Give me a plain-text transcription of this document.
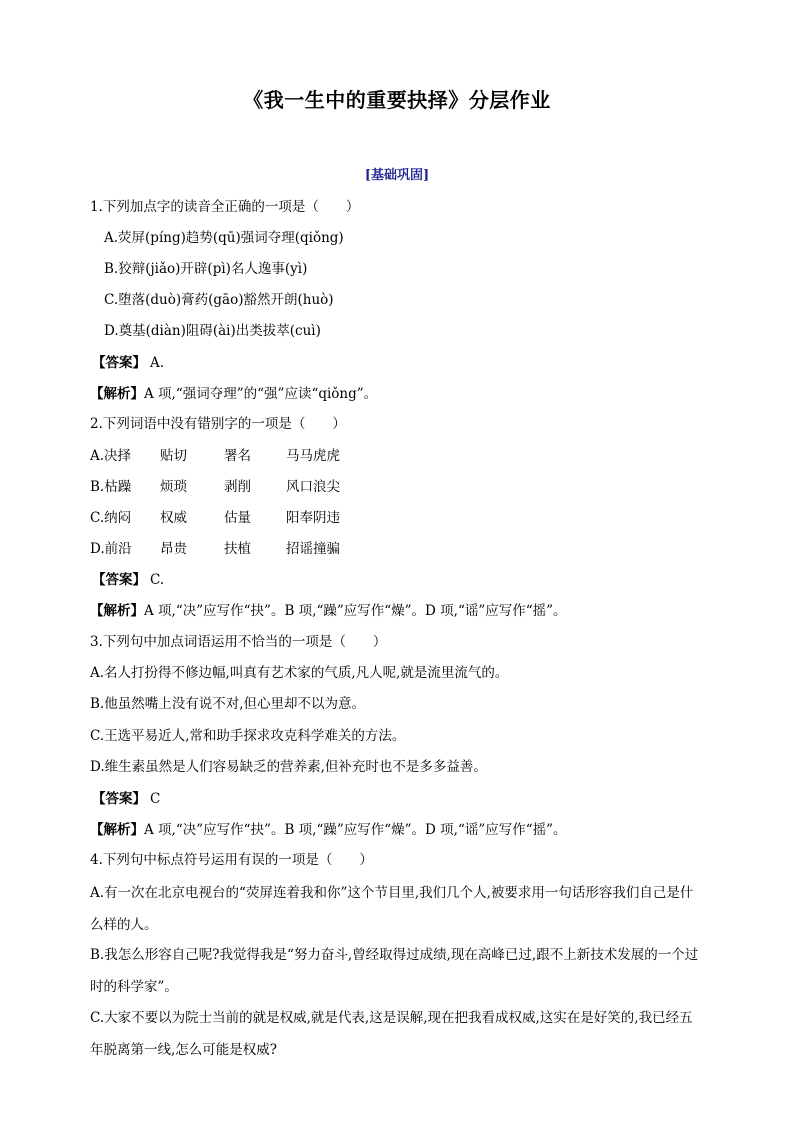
《我一生中的重要抉择》分层作业
[基础巩固]
1.下列加点字的读音全正确的一项是（　　）
A.荧屏(píng)趋势(qū)强词夺理(qiǒng)
B.狡辩(jiǎo)开辟(pì)名人逸事(yì)
C.堕落(duò)膏药(gāo)豁然开朗(huò)
D.奠基(diàn)阻碍(ài)出类拔萃(cuì)
【答案】 A.
【解析】A 项,“强词夺理”的“强”应读“qiǒng”。
2.下列词语中没有错别字的一项是（　　）
A.决择 贴切	署名	马马虎虎
B.枯躁 烦琐	剥削	风口浪尖
C.纳闷 权威	估量	阳奉阴违
D.前沿 昂贵	扶植	招谣撞骗
【答案】 C.
【解析】A 项,“决”应写作“抉”。B 项,“躁”应写作“燥”。D 项,“谣”应写作“摇”。
3.下列句中加点词语运用不恰当的一项是（　　）
A.名人打扮得不修边幅,叫真有艺术家的气质,凡人呢,就是流里流气的。
B.他虽然嘴上没有说不对,但心里却不以为意。
C.王选平易近人,常和助手探求攻克科学难关的方法。
D.维生素虽然是人们容易缺乏的营养素,但补充时也不是多多益善。
【答案】 C
【解析】A 项,“决”应写作“抉”。B 项,“躁”应写作“燥”。D 项,“谣”应写作“摇”。
4.下列句中标点符号运用有误的一项是（　　）
A.有一次在北京电视台的“荧屏连着我和你”这个节目里,我们几个人,被要求用一句话形容我们自己是什么样的人。
B.我怎么形容自己呢?我觉得我是“努力奋斗,曾经取得过成绩,现在高峰已过,跟不上新技术发展的一个过时的科学家”。
C.大家不要以为院士当前的就是权威,就是代表,这是误解,现在把我看成权威,这实在是好笑的,我已经五年脱离第一线,怎么可能是权威?
